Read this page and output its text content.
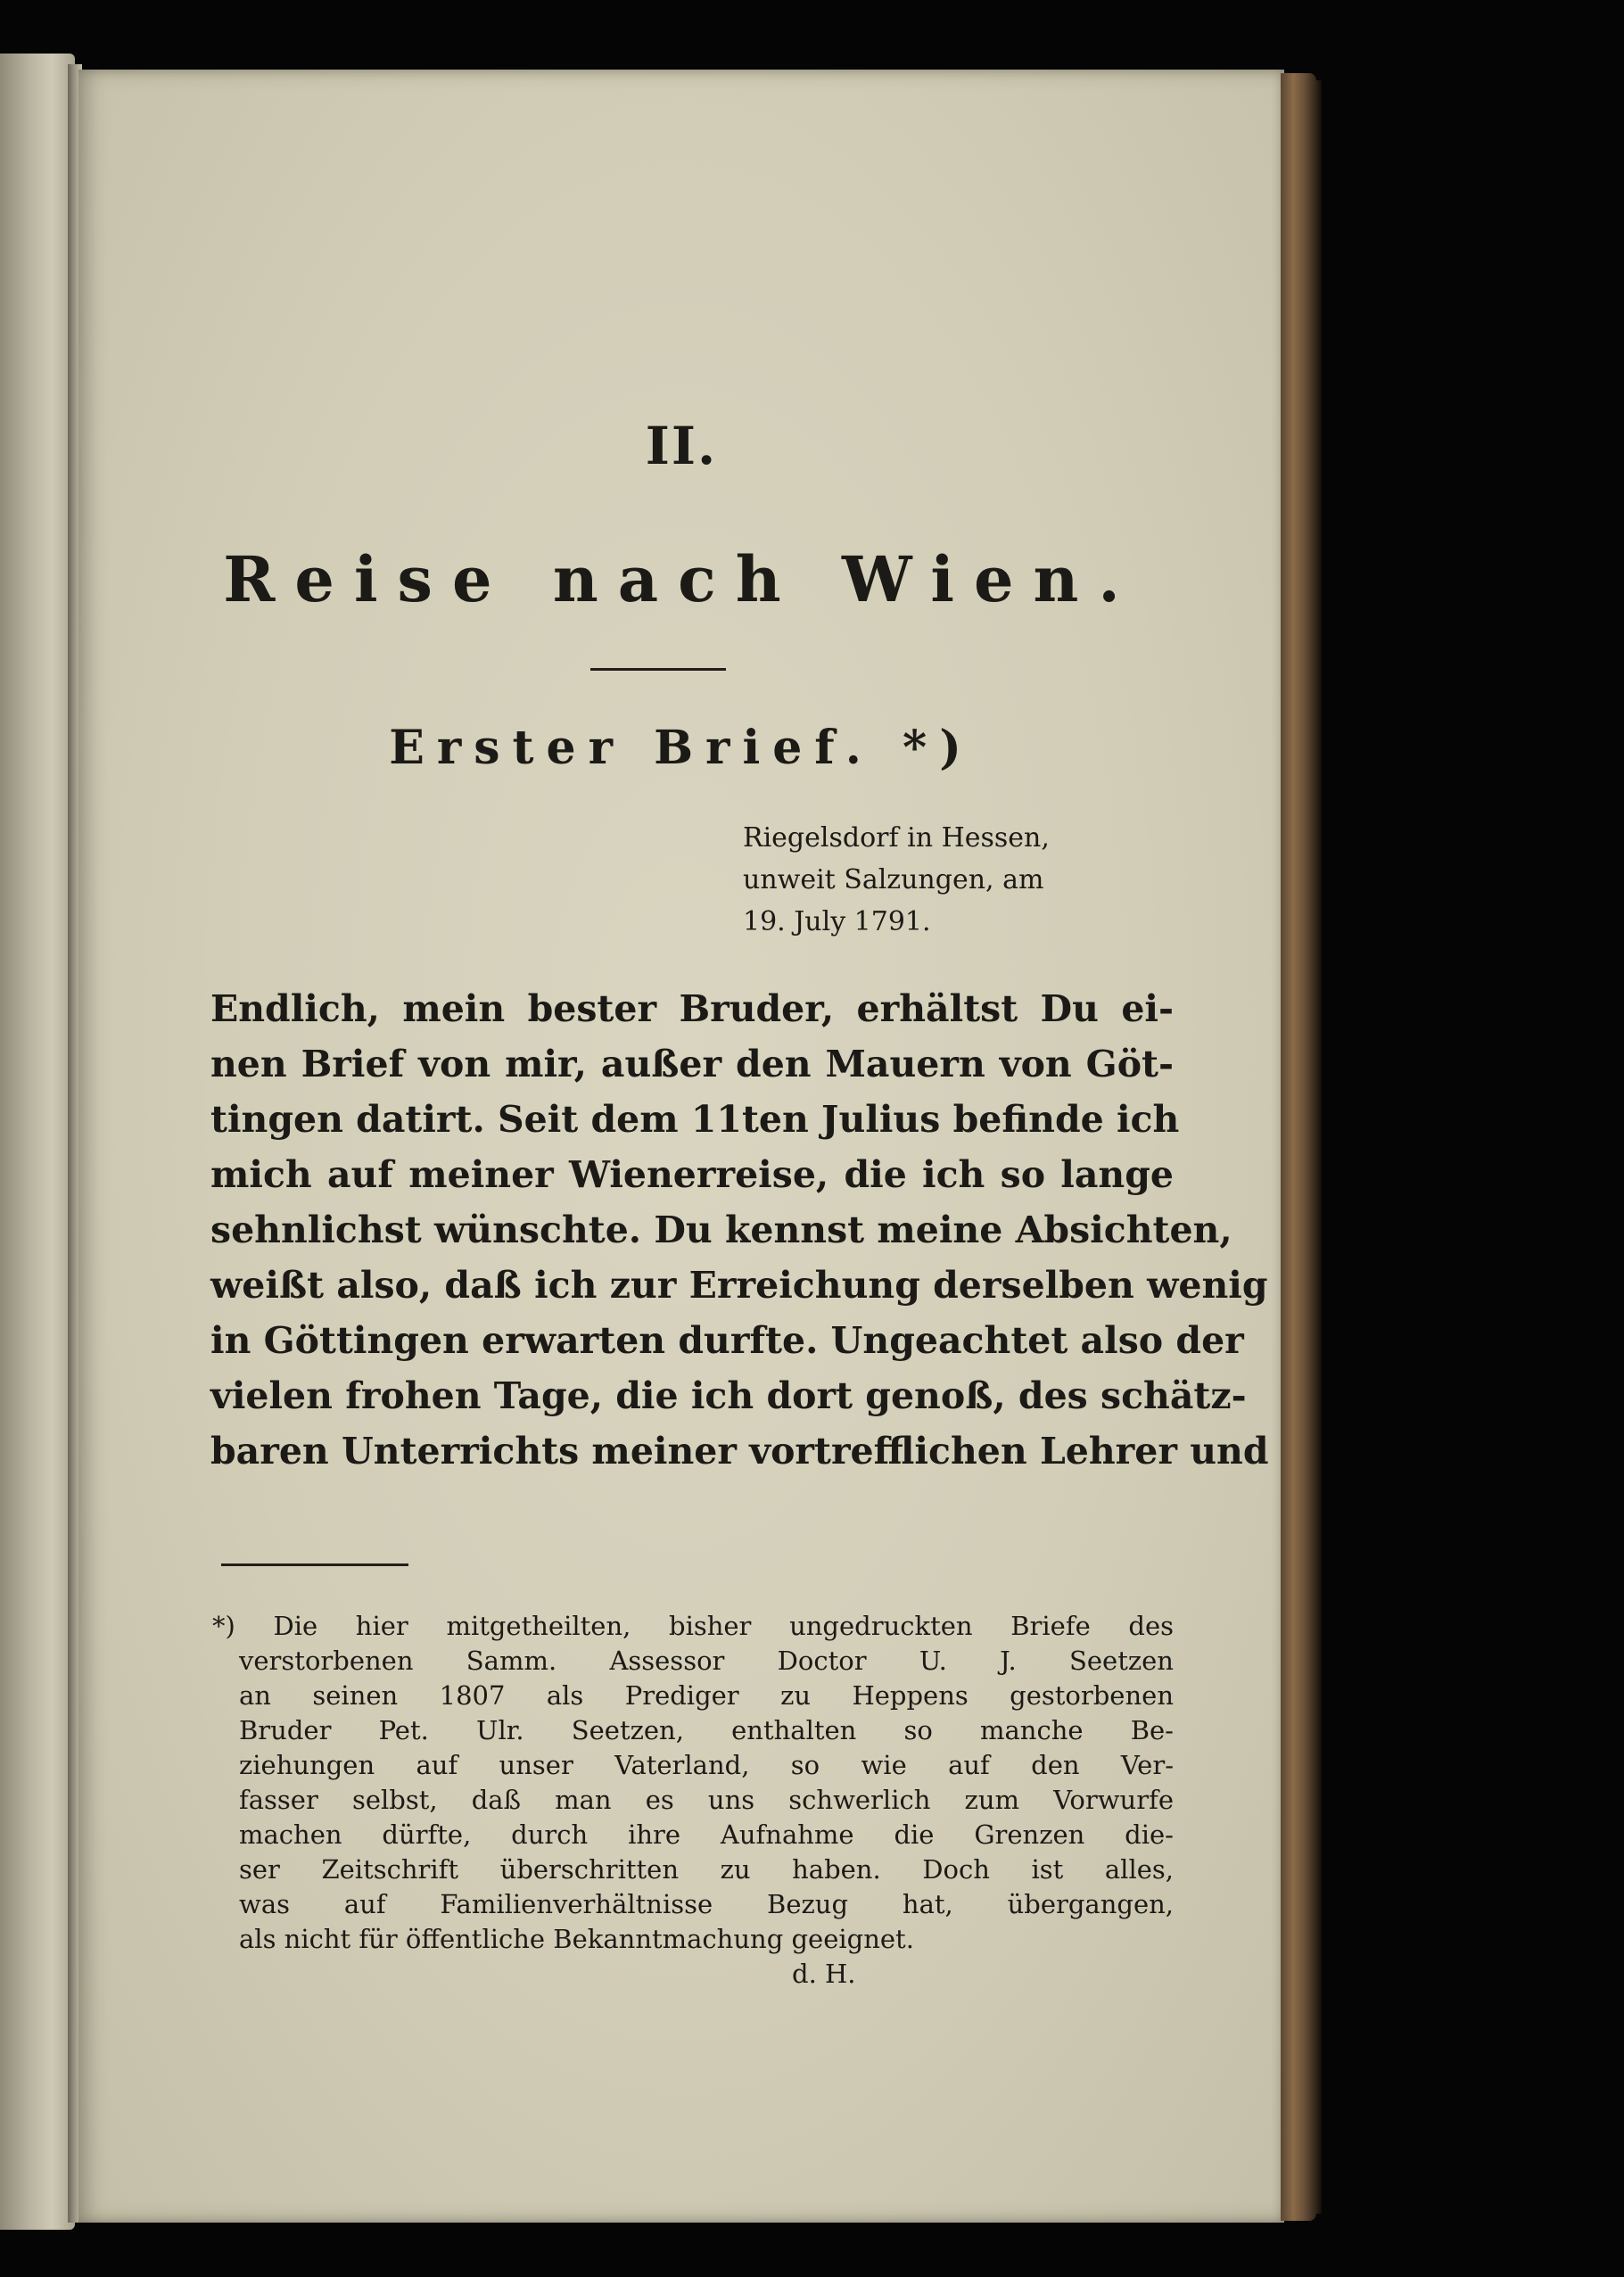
II.
Reise nach Wien.
Erster Brief. *)
Riegelsdorf in Hessen,
unweit Salzungen, am
19. July 1791.
Endlich, mein bester Bruder, erhältst Du ei-
nen Brief von mir, außer den Mauern von Göt-
tingen datirt. Seit dem 11ten Julius befinde ich
mich auf meiner Wienerreise, die ich so lange
sehnlichst wünschte. Du kennst meine Absichten,
weißt also, daß ich zur Erreichung derselben wenig
in Göttingen erwarten durfte. Ungeachtet also der
vielen frohen Tage, die ich dort genoß, des schätz-
baren Unterrichts meiner vortrefflichen Lehrer und
*) Die hier mitgetheilten, bisher ungedruckten Briefe des
verstorbenen Samm. Assessor Doctor U. J. Seetzen
an seinen 1807 als Prediger zu Heppens gestorbenen
Bruder Pet. Ulr. Seetzen, enthalten so manche Be-
ziehungen auf unser Vaterland, so wie auf den Ver-
fasser selbst, daß man es uns schwerlich zum Vorwurfe
machen dürfte, durch ihre Aufnahme die Grenzen die-
ser Zeitschrift überschritten zu haben. Doch ist alles,
was auf Familienverhältnisse Bezug hat, übergangen,
als nicht für öffentliche Bekanntmachung geeignet.
d. H.
